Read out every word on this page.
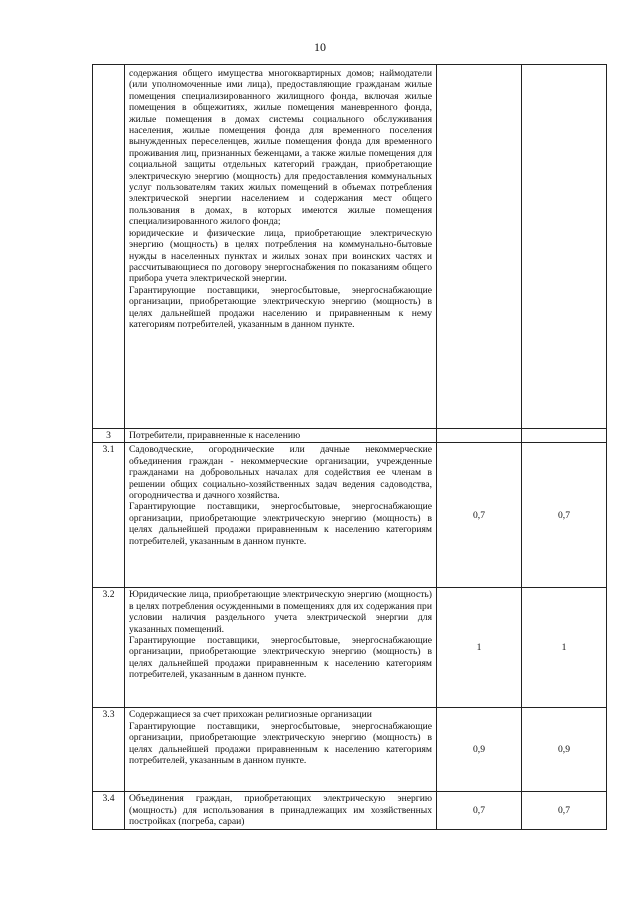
10

	содержания общего имущества многоквартирных домов; наймодатели (или уполномоченные ими лица), предоставляющие гражданам жилые помещения специализированного жилищного фонда, включая жилые помещения в общежитиях, жилые помещения маневренного фонда, жилые помещения в домах системы социального обслуживания населения, жилые помещения фонда для временного поселения вынужденных переселенцев, жилые помещения фонда для временного проживания лиц, признанных беженцами, а также жилые помещения для социальной защиты отдельных категорий граждан, приобретающие электрическую энергию (мощность) для предоставления коммунальных услуг пользователям таких жилых помещений в объемах потребления электрической энергии населением и содержания мест общего пользования в домах, в которых имеются жилые помещения специализированного жилого фонда;

юридические и физические лица, приобретающие электрическую энергию (мощность) в целях потребления на коммунально-бытовые нужды в населенных пунктах и жилых зонах при воинских частях и рассчитывающиеся по договору энергоснабжения по показаниям общего прибора учета электрической энергии.

Гарантирующие поставщики, энергосбытовые, энергоснабжающие организации, приобретающие электрическую энергию (мощность) в целях дальнейшей продажи населению и приравненным к нему категориям потребителей, указанным в данном пункте.		

3	Потребители, приравненные к населению		

3.1	Садоводческие, огороднические или дачные некоммерческие объединения граждан - некоммерческие организации, учрежденные гражданами на добровольных началах для содействия ее членам в решении общих социально-хозяйственных задач ведения садоводства, огородничества и дачного хозяйства.

Гарантирующие поставщики, энергосбытовые, энергоснабжающие организации, приобретающие электрическую энергию (мощность) в целях дальнейшей продажи приравненным к населению категориям потребителей, указанным в данном пункте.	0,7	0,7
3.2	Юридические лица, приобретающие электрическую энергию (мощность) в целях потребления осужденными в помещениях для их содержания при условии наличия раздельного учета электрической энергии для указанных помещений.

Гарантирующие поставщики, энергосбытовые, энергоснабжающие организации, приобретающие электрическую энергию (мощность) в целях дальнейшей продажи приравненным к населению категориям потребителей, указанным в данном пункте.	1	1
3.3	Содержащиеся за счет прихожан религиозные организации

Гарантирующие поставщики, энергосбытовые, энергоснабжающие организации, приобретающие электрическую энергию (мощность) в целях дальнейшей продажи приравненным к населению категориям потребителей, указанным в данном пункте.	0,9	0,9
3.4	Объединения граждан, приобретающих электрическую энергию (мощность) для использования в принадлежащих им хозяйственных постройках (погреба, сараи)	0,7	0,7
